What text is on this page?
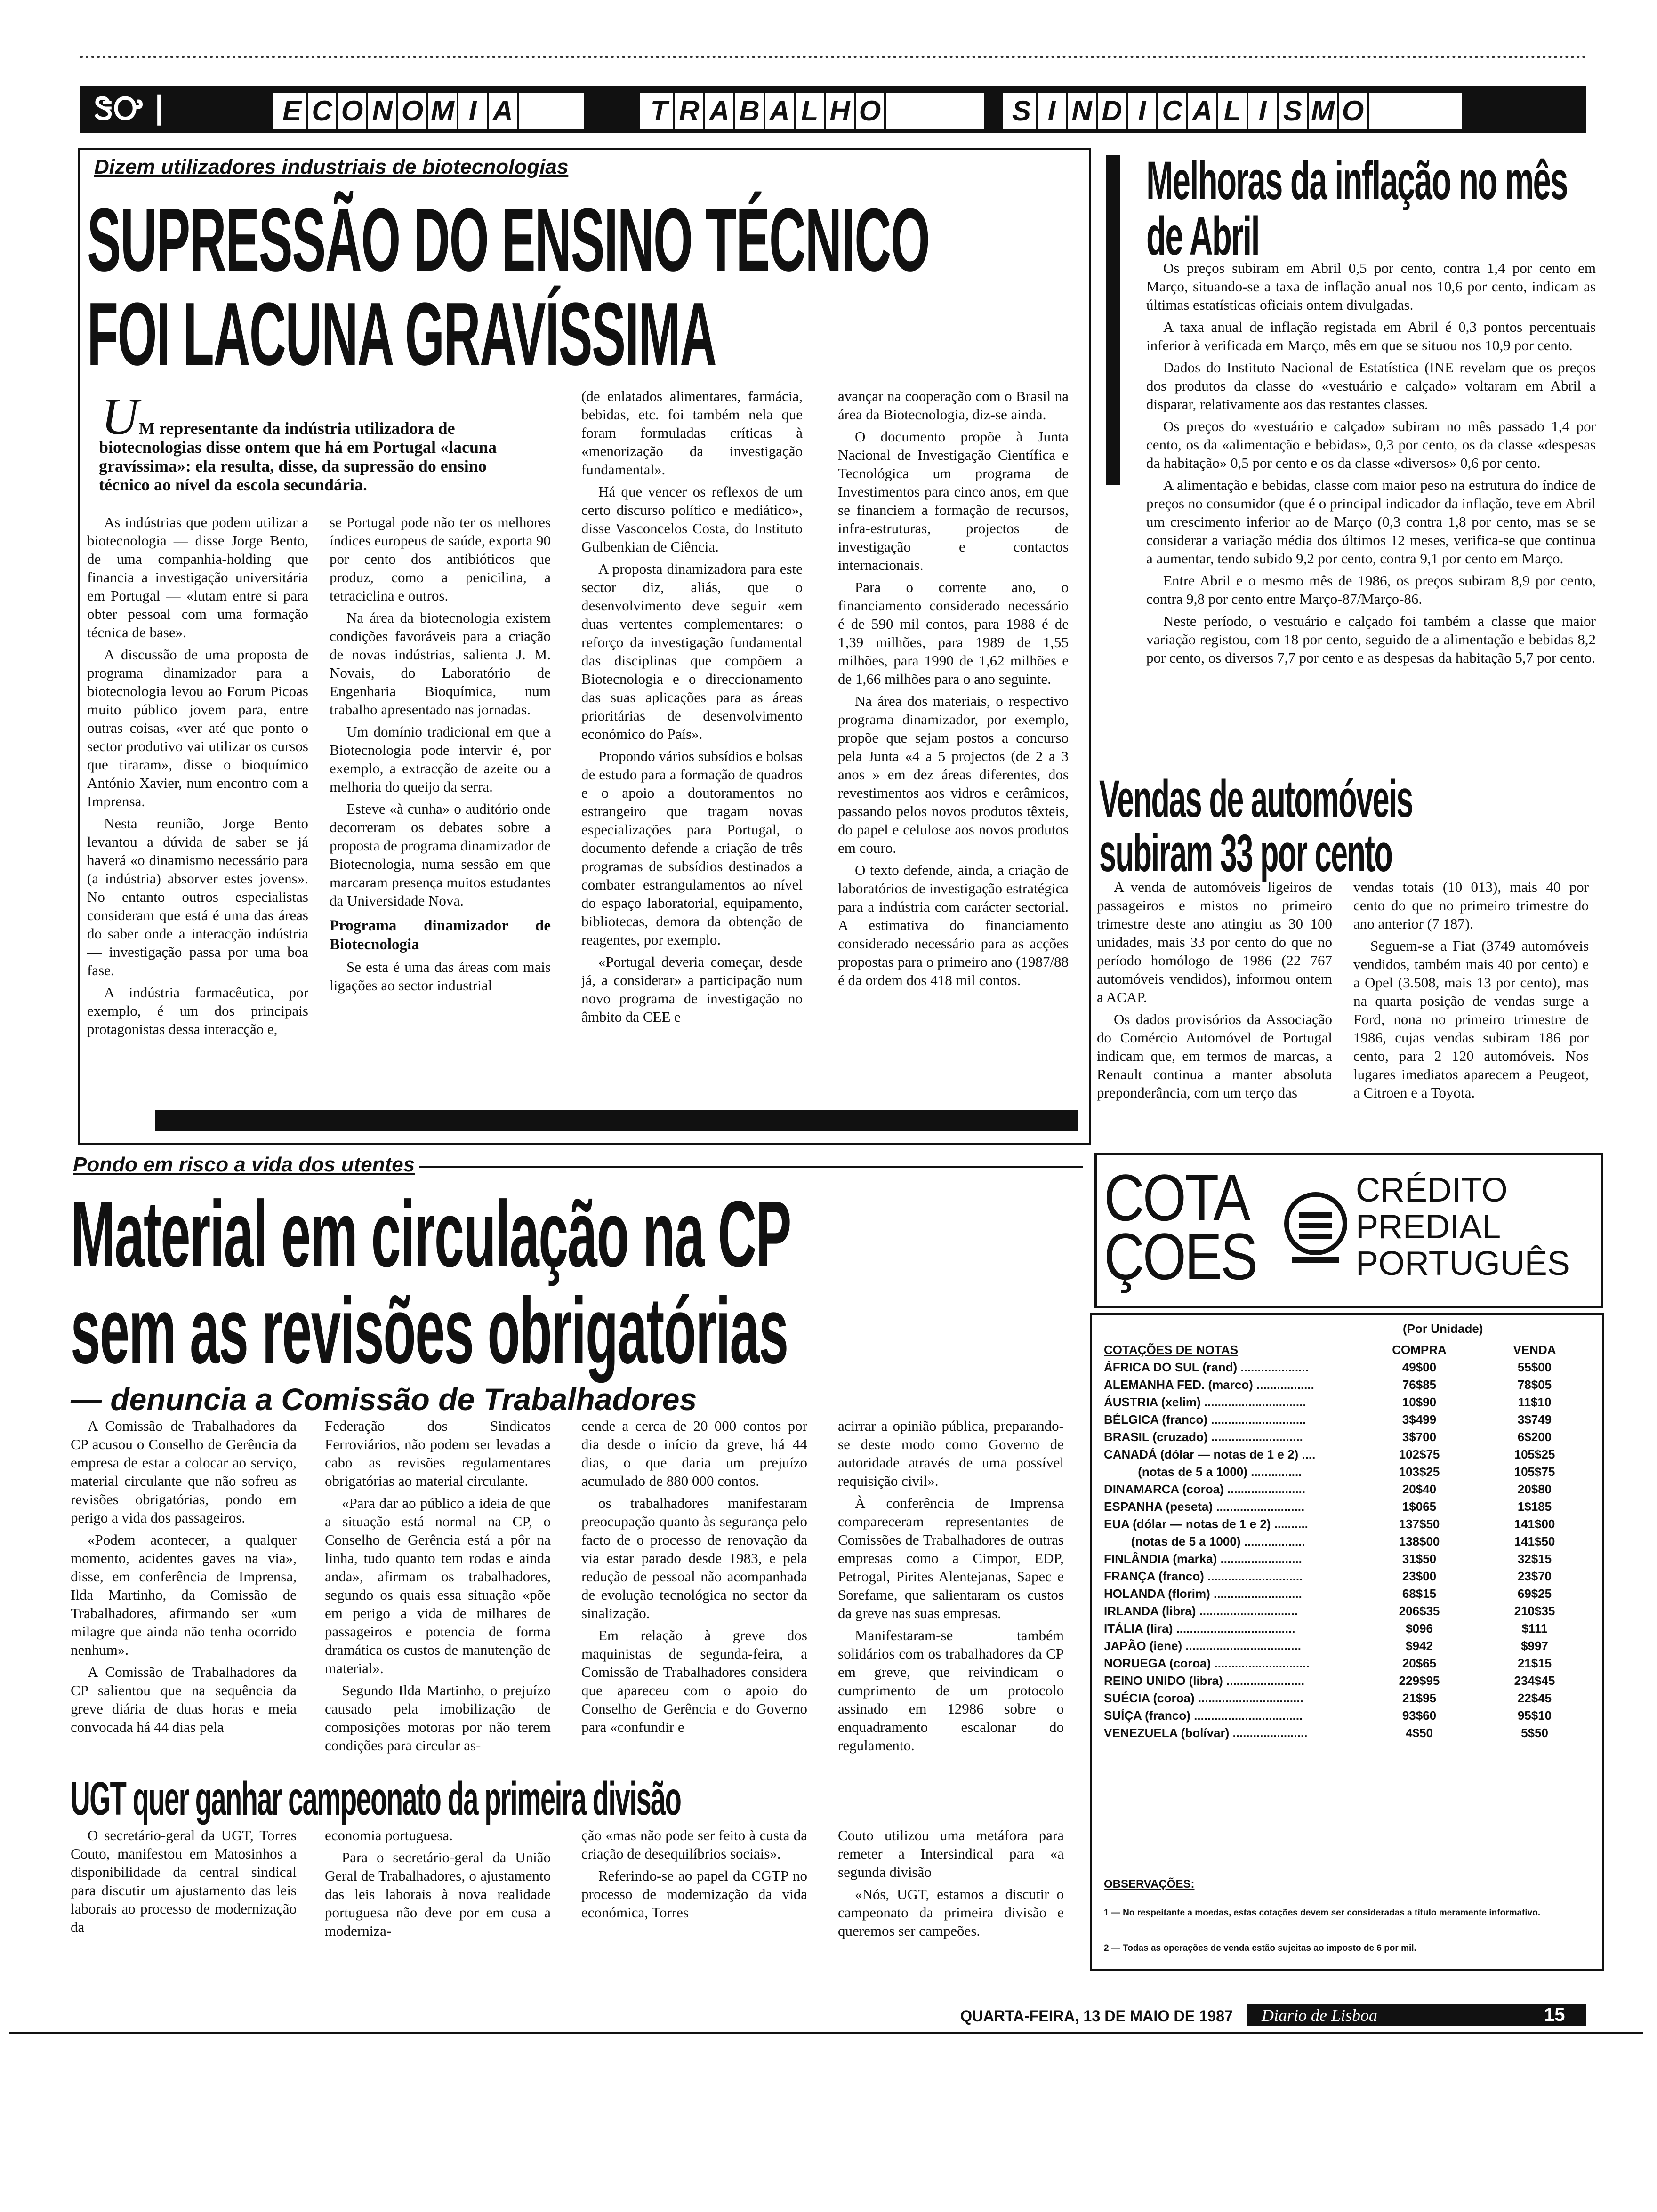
ᏕᎤ ⎮	E C O N O M I A	T R A B A L H O	S I N D I C A L I S M O
Dizem utilizadores industriais de biotecnologias
SUPRESSÃO DO ENSINO TÉCNICO
FOI LACUNA GRAVÍSSIMA
U M representante da indústria utilizadora de biotecnologias disse ontem que há em Portugal «lacuna gravíssima»: ela resulta, disse, da supressão do ensino técnico ao nível da escola secundária.

As indústrias que podem utilizar a biotecnologia — disse Jorge Bento, de uma companhia-holding que financia a investigação universitária em Portugal — «lutam entre si para obter pessoal com uma formação técnica de base».

A discussão de uma proposta de programa dinamizador para a biotecnologia levou ao Forum Picoas muito público jovem para, entre outras coisas, «ver até que ponto o sector produtivo vai utilizar os cursos que tiraram», disse o bioquímico António Xavier, num encontro com a Imprensa.

Nesta reunião, Jorge Bento levantou a dúvida de saber se já haverá «o dinamismo necessário para (a indústria) absorver estes jovens». No entanto outros especialistas consideram que está é uma das áreas do saber onde a interacção indústria — investigação passa por uma boa fase.

A indústria farmacêutica, por exemplo, é um dos principais protagonistas dessa interacção e,

se Portugal pode não ter os melhores índices europeus de saúde, exporta 90 por cento dos antibióticos que produz, como a penicilina, a tetraciclina e outros.

Na área da biotecnologia existem condições favoráveis para a criação de novas indústrias, salienta J. M. Novais, do Laboratório de Engenharia Bioquímica, num trabalho apresentado nas jornadas.

Um domínio tradicional em que a Biotecnologia pode intervir é, por exemplo, a extracção de azeite ou a melhoria do queijo da serra.

Esteve «à cunha» o auditório onde decorreram os debates sobre a proposta de programa dinamizador de Biotecnologia, numa sessão em que marcaram presença muitos estudantes da Universidade Nova.

Programa dinamizador de Biotecnologia

Se esta é uma das áreas com mais ligações ao sector industrial

(de enlatados alimentares, farmácia, bebidas, etc. foi também nela que foram formuladas críticas à «menorização da investigação fundamental».

Há que vencer os reflexos de um certo discurso político e mediático», disse Vasconcelos Costa, do Instituto Gulbenkian de Ciência.

A proposta dinamizadora para este sector diz, aliás, que o desenvolvimento deve seguir «em duas vertentes complementares: o reforço da investigação fundamental das disciplinas que compõem a Biotecnologia e o direccionamento das suas aplicações para as áreas prioritárias de desenvolvimento económico do País».

Propondo vários subsídios e bolsas de estudo para a formação de quadros e o apoio a doutoramentos no estrangeiro que tragam novas especializações para Portugal, o documento defende a criação de três programas de subsídios destinados a combater estrangulamentos ao nível do espaço laboratorial, equipamento, bibliotecas, demora da obtenção de reagentes, por exemplo.

«Portugal deveria começar, desde já, a considerar» a participação num novo programa de investigação no âmbito da CEE e

avançar na cooperação com o Brasil na área da Biotecnologia, diz-se ainda.

O documento propõe à Junta Nacional de Investigação Científica e Tecnológica um programa de Investimentos para cinco anos, em que se financiem a formação de recursos, infra-estruturas, projectos de investigação e contactos internacionais.

Para o corrente ano, o financiamento considerado necessário é de 590 mil contos, para 1988 é de 1,39 milhões, para 1989 de 1,55 milhões, para 1990 de 1,62 milhões e de 1,66 milhões para o ano seguinte.

Na área dos materiais, o respectivo programa dinamizador, por exemplo, propõe que sejam postos a concurso pela Junta «4 a 5 projectos (de 2 a 3 anos » em dez áreas diferentes, dos revestimentos aos vidros e cerâmicos, passando pelos novos produtos têxteis, do papel e celulose aos novos produtos em couro.

O texto defende, ainda, a criação de laboratórios de investigação estratégica para a indústria com carácter sectorial. A estimativa do financiamento considerado necessário para as acções propostas para o primeiro ano (1987/88 é da ordem dos 418 mil contos.

Melhoras da inflação no mês de Abril

Os preços subiram em Abril 0,5 por cento, contra 1,4 por cento em Março, situando-se a taxa de inflação anual nos 10,6 por cento, indicam as últimas estatísticas oficiais ontem divulgadas.

A taxa anual de inflação registada em Abril é 0,3 pontos percentuais inferior à verificada em Março, mês em que se situou nos 10,9 por cento.

Dados do Instituto Nacional de Estatística (INE revelam que os preços dos produtos da classe do «vestuário e calçado» voltaram em Abril a disparar, relativamente aos das restantes classes.

Os preços do «vestuário e calçado» subiram no mês passado 1,4 por cento, os da «alimentação e bebidas», 0,3 por cento, os da classe «despesas da habitação» 0,5 por cento e os da classe «diversos» 0,6 por cento.

A alimentação e bebidas, classe com maior peso na estrutura do índice de preços no consumidor (que é o principal indicador da inflação, teve em Abril um crescimento inferior ao de Março (0,3 contra 1,8 por cento, mas se se considerar a variação média dos últimos 12 meses, verifica-se que continua a aumentar, tendo subido 9,2 por cento, contra 9,1 por cento em Março.

Entre Abril e o mesmo mês de 1986, os preços subiram 8,9 por cento, contra 9,8 por cento entre Março-87/Março-86.

Neste período, o vestuário e calçado foi também a classe que maior variação registou, com 18 por cento, seguido de a alimentação e bebidas 8,2 por cento, os diversos 7,7 por cento e as despesas da habitação 5,7 por cento.

Vendas de automóveis
subiram 33 por cento

A venda de automóveis ligeiros de passageiros e mistos no primeiro trimestre deste ano atingiu as 30 100 unidades, mais 33 por cento do que no período homólogo de 1986 (22 767 automóveis vendidos), informou ontem a ACAP.

Os dados provisórios da Associação do Comércio Automóvel de Portugal indicam que, em termos de marcas, a Renault continua a manter absoluta preponderância, com um terço das

vendas totais (10 013), mais 40 por cento do que no primeiro trimestre do ano anterior (7 187).

Seguem-se a Fiat (3749 automóveis vendidos, também mais 40 por cento) e a Opel (3.508, mais 13 por cento), mas na quarta posição de vendas surge a Ford, nona no primeiro trimestre de 1986, cujas vendas subiram 186 por cento, para 2 120 automóveis. Nos lugares imediatos aparecem a Peugeot, a Citroen e a Toyota.

Pondo em risco a vida dos utentes
Material em circulação na CP
sem as revisões obrigatórias
— denuncia a Comissão de Trabalhadores

A Comissão de Trabalhadores da CP acusou o Conselho de Gerência da empresa de estar a colocar ao serviço, material circulante que não sofreu as revisões obrigatórias, pondo em perigo a vida dos passageiros.

«Podem acontecer, a qualquer momento, acidentes gaves na via», disse, em conferência de Imprensa, Ilda Martinho, da Comissão de Trabalhadores, afirmando ser «um milagre que ainda não tenha ocorrido nenhum».

A Comissão de Trabalhadores da CP salientou que na sequência da greve diária de duas horas e meia convocada há 44 dias pela

Federação dos Sindicatos Ferroviários, não podem ser levadas a cabo as revisões regulamentares obrigatórias ao material circulante.

«Para dar ao público a ideia de que a situação está normal na CP, o Conselho de Gerência está a pôr na linha, tudo quanto tem rodas e ainda anda», afirmam os trabalhadores, segundo os quais essa situação «põe em perigo a vida de milhares de passageiros e potencia de forma dramática os custos de manutenção de material».

Segundo Ilda Martinho, o prejuízo causado pela imobilização de composições motoras por não terem condições para circular as-

cende a cerca de 20 000 contos por dia desde o início da greve, há 44 dias, o que daria um prejuízo acumulado de 880 000 contos.

os trabalhadores manifestaram preocupação quanto às segurança pelo facto de o processo de renovação da via estar parado desde 1983, e pela redução de pessoal não acompanhada de evolução tecnológica no sector da sinalização.

Em relação à greve dos maquinistas de segunda-feira, a Comissão de Trabalhadores considera que apareceu com o apoio do Conselho de Gerência e do Governo para «confundir e

acirrar a opinião pública, preparando-se deste modo como Governo de autoridade através de uma possível requisição civil».

À conferência de Imprensa compareceram representantes de Comissões de Trabalhadores de outras empresas como a Cimpor, EDP, Petrogal, Pirites Alentejanas, Sapec e Sorefame, que salientaram os custos da greve nas suas empresas.

Manifestaram-se também solidários com os trabalhadores da CP em greve, que reivindicam o cumprimento de um protocolo assinado em 12986 sobre o enquadramento escalonar do regulamento.

UGT quer ganhar campeonato da primeira divisão

O secretário-geral da UGT, Torres Couto, manifestou em Matosinhos a disponibilidade da central sindical para discutir um ajustamento das leis laborais ao processo de modernização da

economia portuguesa.

Para o secretário-geral da União Geral de Trabalhadores, o ajustamento das leis laborais à nova realidade portuguesa não deve por em cusa a moderniza-

ção «mas não pode ser feito à custa da criação de desequilíbrios sociais».

Referindo-se ao papel da CGTP no processo de modernização da vida económica, Torres

Couto utilizou uma metáfora para remeter a Intersindical para «a segunda divisão

«Nós, UGT, estamos a discutir o campeonato da primeira divisão e queremos ser campeões.

COTA
ÇOES
CRÉDITO
PREDIAL
PORTUGUÊS
(Por Unidade)
COTAÇÕES DE NOTAS	COMPRA	VENDA
ÁFRICA DO SUL (rand) ....................	49$00	55$00
ALEMANHA FED. (marco) .................	76$85	78$05
ÁUSTRIA (xelim) ..............................	10$90	11$10
BÉLGICA (franco) ............................	3$499	3$749
BRASIL (cruzado) ...........................	3$700	6$200
CANADÁ (dólar — notas de 1 e 2) ....	102$75	105$25
(notas de 5 a 1000) ...............	103$25	105$75
DINAMARCA (coroa) .......................	20$40	20$80
ESPANHA (peseta) ..........................	1$065	1$185
EUA (dólar — notas de 1 e 2) ..........	137$50	141$00
(notas de 5 a 1000) ..................	138$00	141$50
FINLÂNDIA (marka) ........................	31$50	32$15
FRANÇA (franco) ............................	23$00	23$70
HOLANDA (florim) ..........................	68$15	69$25
IRLANDA (libra) .............................	206$35	210$35
ITÁLIA (lira) ...................................	$096	$111
JAPÃO (iene) ..................................	$942	$997
NORUEGA (coroa) ............................	20$65	21$15
REINO UNIDO (libra) .......................	229$95	234$45
SUÉCIA (coroa) ...............................	21$95	22$45
SUÍÇA (franco) ................................	93$60	95$10
VENEZUELA (bolívar) ......................	4$50	5$50
OBSERVAÇÕES:
1 — No respeitante a moedas, estas cotações devem ser consideradas a título meramente informativo.
2 — Todas as operações de venda estão sujeitas ao imposto de 6 por mil.
QUARTA-FEIRA, 13 DE MAIO DE 1987 Diario de Lisboa	15
